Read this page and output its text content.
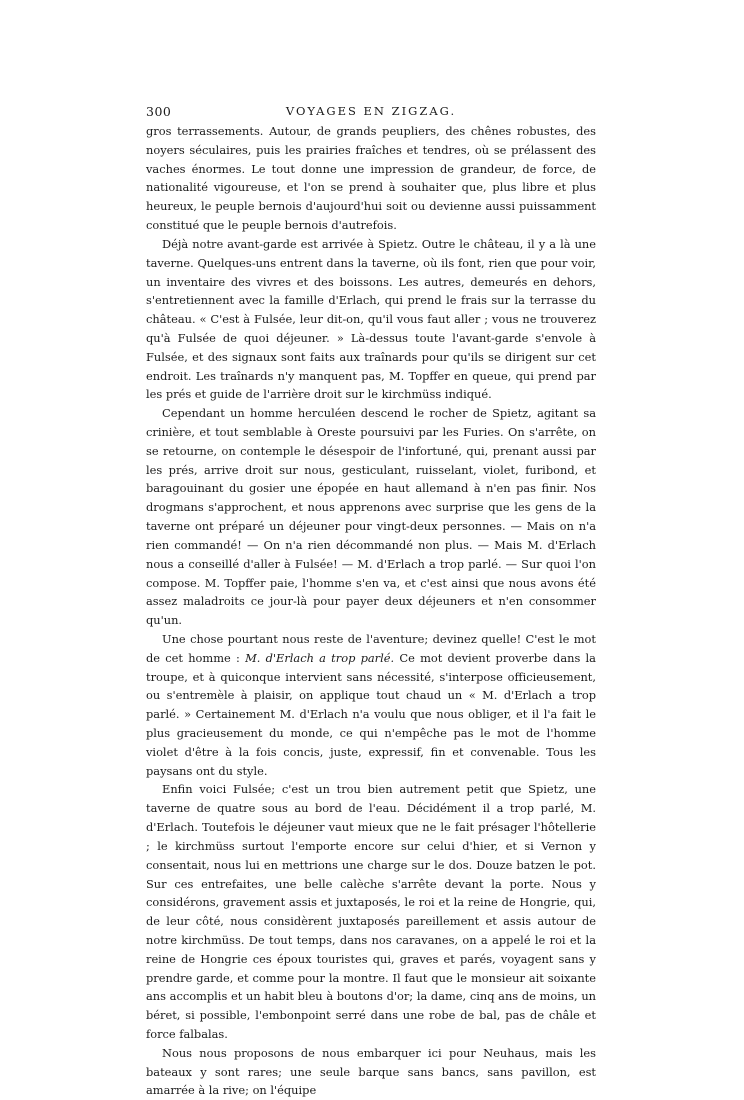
300	VOYAGES EN ZIGZAG.

gros terrassements. Autour, de grands peupliers, des chênes robustes, des noyers séculaires, puis les prairies fraîches et tendres, où se prélassent des vaches énormes. Le tout donne une impression de grandeur, de force, de nationalité vigoureuse, et l'on se prend à souhaiter que, plus libre et plus heureux, le peuple bernois d'aujourd'hui soit ou devienne aussi puissamment constitué que le peuple bernois d'autrefois.

Déjà notre avant-garde est arrivée à Spietz. Outre le château, il y a là une taverne. Quelques-uns entrent dans la taverne, où ils font, rien que pour voir, un inventaire des vivres et des boissons. Les autres, demeurés en dehors, s'entretiennent avec la famille d'Erlach, qui prend le frais sur la terrasse du château. « C'est à Fulsée, leur dit-on, qu'il vous faut aller ; vous ne trouverez qu'à Fulsée de quoi déjeuner. » Là-dessus toute l'avant-garde s'envole à Fulsée, et des signaux sont faits aux traînards pour qu'ils se dirigent sur cet endroit. Les traînards n'y manquent pas, M. Topffer en queue, qui prend par les prés et guide de l'arrière droit sur le kirchmüss indiqué.

Cependant un homme herculéen descend le rocher de Spietz, agitant sa crinière, et tout semblable à Oreste poursuivi par les Furies. On s'arrête, on se retourne, on contemple le désespoir de l'infortuné, qui, prenant aussi par les prés, arrive droit sur nous, gesticulant, ruisselant, violet, furibond, et baragouinant du gosier une épopée en haut allemand à n'en pas finir. Nos drogmans s'approchent, et nous apprenons avec surprise que les gens de la taverne ont préparé un déjeuner pour vingt-deux personnes. — Mais on n'a rien commandé! — On n'a rien décommandé non plus. — Mais M. d'Erlach nous a conseillé d'aller à Fulsée! — M. d'Erlach a trop parlé. — Sur quoi l'on compose. M. Topffer paie, l'homme s'en va, et c'est ainsi que nous avons été assez maladroits ce jour-là pour payer deux déjeuners et n'en consommer qu'un.

Une chose pourtant nous reste de l'aventure; devinez quelle! C'est le mot de cet homme : M. d'Erlach a trop parlé. Ce mot devient proverbe dans la troupe, et à quiconque intervient sans nécessité, s'interpose officieusement, ou s'entremèle à plaisir, on applique tout chaud un « M. d'Erlach a trop parlé. » Certainement M. d'Erlach n'a voulu que nous obliger, et il l'a fait le plus gracieusement du monde, ce qui n'empêche pas le mot de l'homme violet d'être à la fois concis, juste, expressif, fin et convenable. Tous les paysans ont du style.

Enfin voici Fulsée; c'est un trou bien autrement petit que Spietz, une taverne de quatre sous au bord de l'eau. Décidément il a trop parlé, M. d'Erlach. Toutefois le déjeuner vaut mieux que ne le fait présager l'hôtellerie ; le kirchmüss surtout l'emporte encore sur celui d'hier, et si Vernon y consentait, nous lui en mettrions une charge sur le dos. Douze batzen le pot. Sur ces entrefaites, une belle calèche s'arrête devant la porte. Nous y considérons, gravement assis et juxtaposés, le roi et la reine de Hongrie, qui, de leur côté, nous considèrent juxtaposés pareillement et assis autour de notre kirchmüss. De tout temps, dans nos caravanes, on a appelé le roi et la reine de Hongrie ces époux touristes qui, graves et parés, voyagent sans y prendre garde, et comme pour la montre. Il faut que le monsieur ait soixante ans accomplis et un habit bleu à boutons d'or; la dame, cinq ans de moins, un béret, si possible, l'embonpoint serré dans une robe de bal, pas de châle et force falbalas.

Nous nous proposons de nous embarquer ici pour Neuhaus, mais les bateaux y sont rares; une seule barque sans bancs, sans pavillon, est amarrée à la rive; on l'équipe
